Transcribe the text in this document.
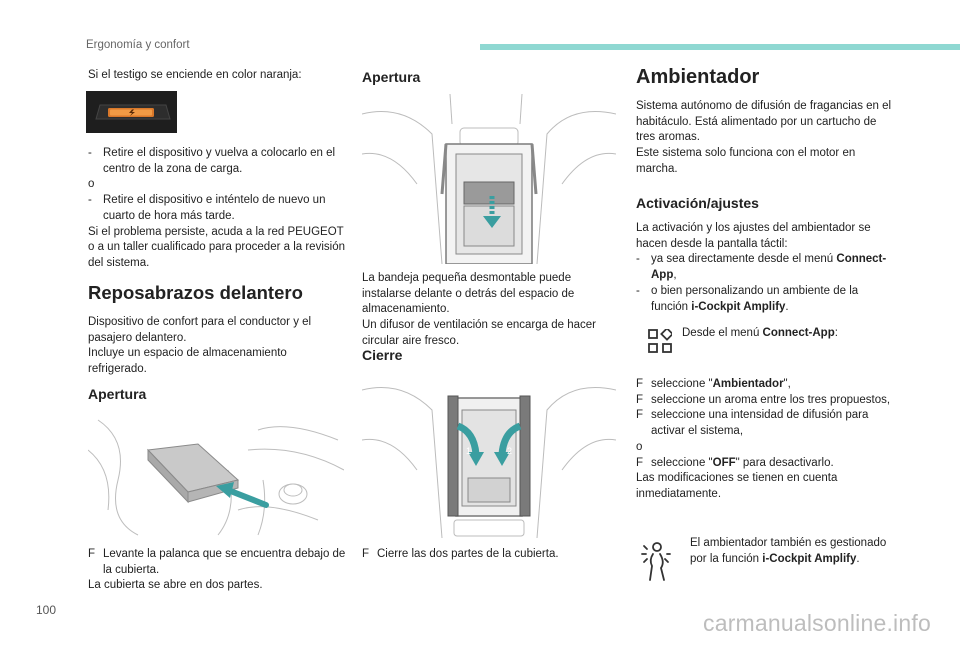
Ergonomía y confort

Si el testigo se enciende en color naranja:

- Retire el dispositivo y vuelva a colocarlo en el centro de la zona de carga.
o
- Retire el dispositivo e inténtelo de nuevo un cuarto de hora más tarde.
Si el problema persiste, acuda a la red PEUGEOT o a un taller cualificado para proceder a la revisión del sistema.
Reposabrazos delantero
Dispositivo de confort para el conductor y el pasajero delantero.
Incluye un espacio de almacenamiento refrigerado.
Apertura
F Levante la palanca que se encuentra debajo de la cubierta.
La cubierta se abre en dos partes.
Apertura
La bandeja pequeña desmontable puede instalarse delante o detrás del espacio de almacenamiento.
Un difusor de ventilación se encarga de hacer circular aire fresco.
Cierre
1	2
F Cierre las dos partes de la cubierta.
Ambientador
Sistema autónomo de difusión de fragancias en el habitáculo. Está alimentado por un cartucho de tres aromas.
Este sistema solo funciona con el motor en marcha.
Activación/ajustes
La activación y los ajustes del ambientador se hacen desde la pantalla táctil:
- ya sea directamente desde el menú Connect-App,
- o bien personalizando un ambiente de la función i-Cockpit Amplify.
Desde el menú Connect-App:
F seleccione "Ambientador",
F seleccione un aroma entre los tres propuestos,
F seleccione una intensidad de difusión para activar el sistema,
o
F seleccione "OFF" para desactivarlo.
Las modificaciones se tienen en cuenta inmediatamente.
El ambientador también es gestionado por la función i-Cockpit Amplify.
100	carmanualsonline.info
